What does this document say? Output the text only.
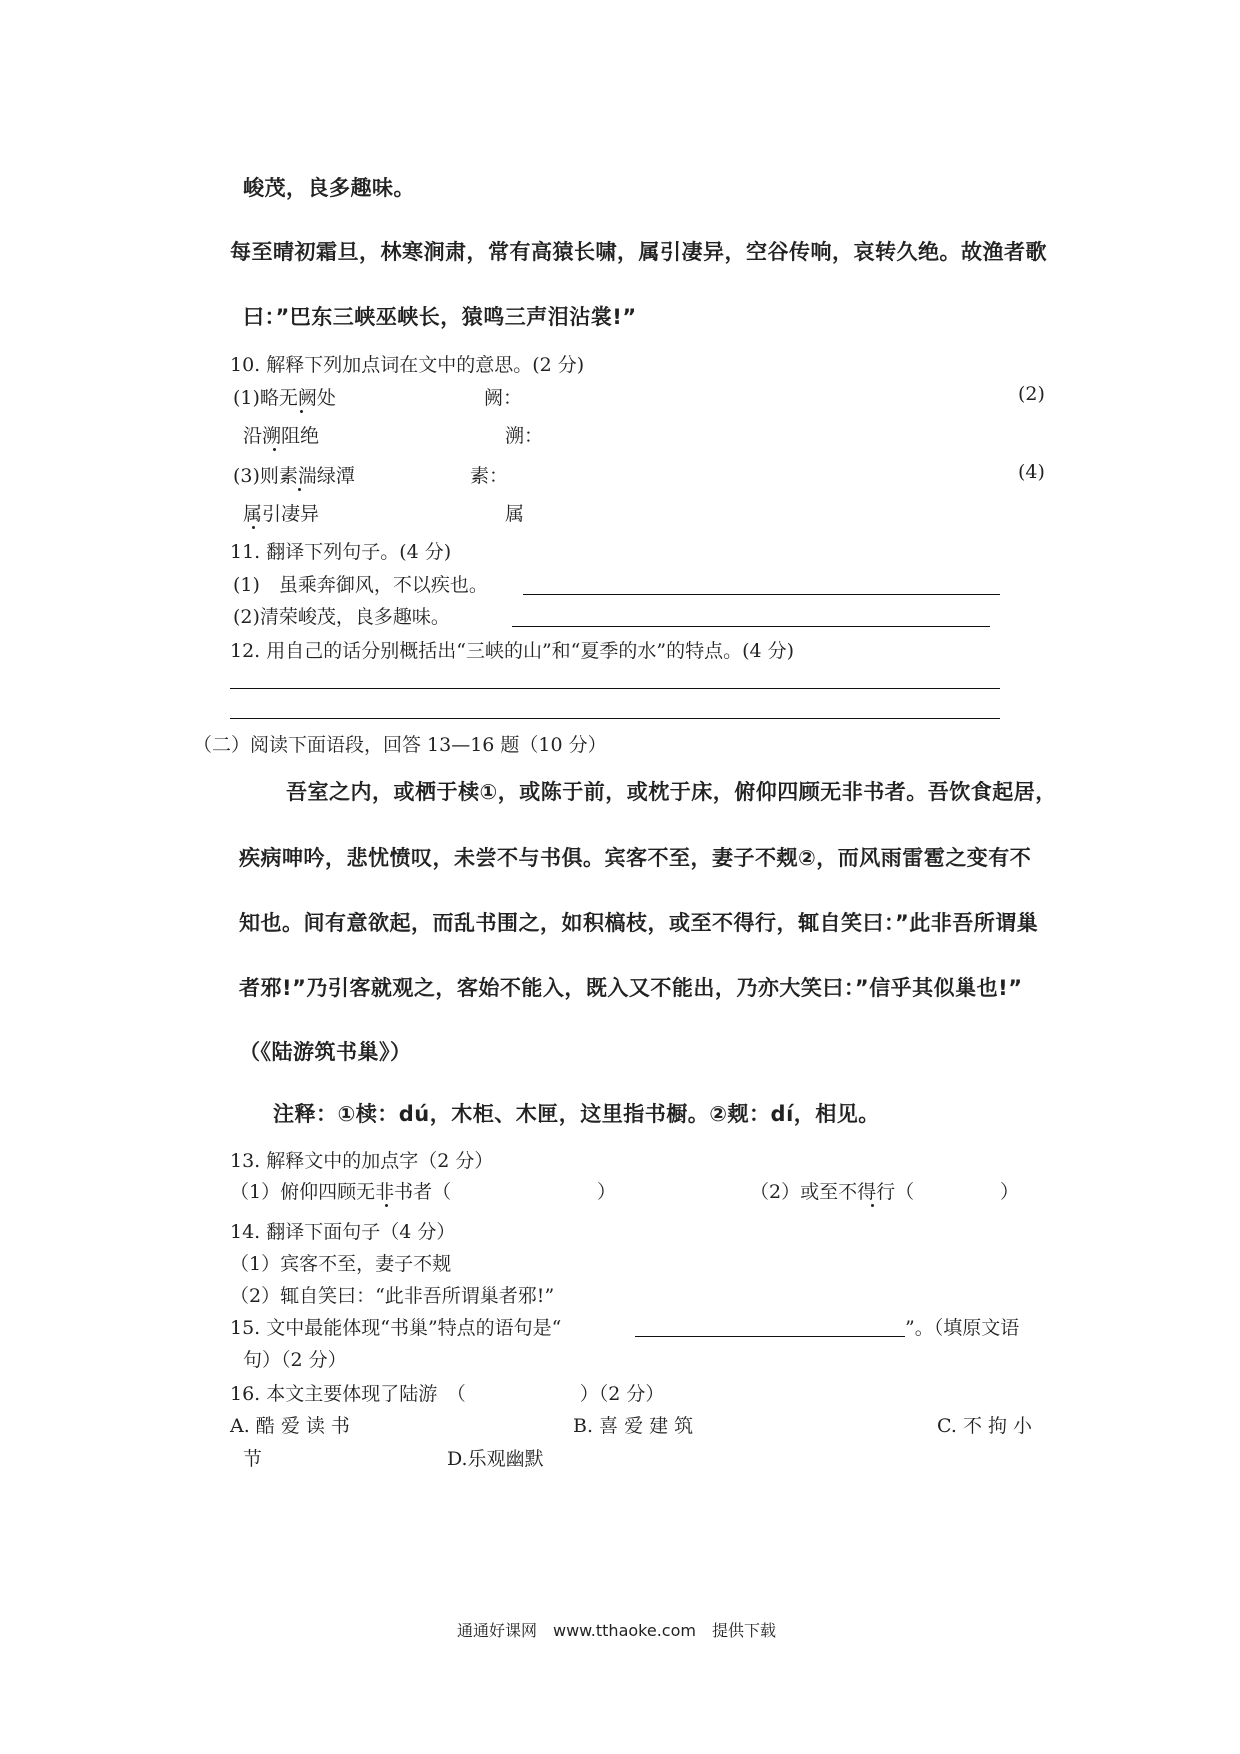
峻茂，良多趣味。
每至晴初霜旦，林寒涧肃，常有高猿长啸，属引凄异，空谷传响，哀转久绝。故渔者歌
曰：”巴东三峡巫峡长，猿鸣三声泪沾裳!”
10. 解释下列加点词在文中的意思。(2 分)
(1)略无阙处	阙：	(2)
沿溯阻绝	溯：
(3)则素湍绿潭	素：	(4)
属引凄异	属
11. 翻译下列句子。(4 分)
(1)　虽乘奔御风，不以疾也。
(2)清荣峻茂，良多趣味。
12. 用自己的话分别概括出“三峡的山”和“夏季的水”的特点。(4 分)
（二）阅读下面语段，回答 13—16 题（10 分）
吾室之内，或栖于椟①，或陈于前，或枕于床，俯仰四顾无非书者。吾饮食起居，
疾病呻吟，悲忧愤叹，未尝不与书俱。宾客不至，妻子不觌②，而风雨雷雹之变有不
知也。间有意欲起，而乱书围之，如积槁枝，或至不得行，辄自笑曰：”此非吾所谓巢
者邪!”乃引客就观之，客始不能入，既入又不能出，乃亦大笑曰：”信乎其似巢也!”
（《陆游筑书巢》）
注释：①椟：dú，木柜、木匣，这里指书橱。②觌：dí，相见。
13. 解释文中的加点字（2 分）
（1）俯仰四顾无非书者（	）	（2）或至不得行（	）
14. 翻译下面句子（4 分）
（1）宾客不至，妻子不觌
（2）辄自笑曰：“此非吾所谓巢者邪!”
15. 文中最能体现“书巢”特点的语句是“	”。（填原文语
句）（2 分）
16. 本文主要体现了陆游　（　　　　　　）（2 分）
A. 酷 爱 读 书	B. 喜 爱 建 筑	C. 不 拘 小
节	D.乐观幽默
通通好课网　www.tthaoke.com　提供下载
